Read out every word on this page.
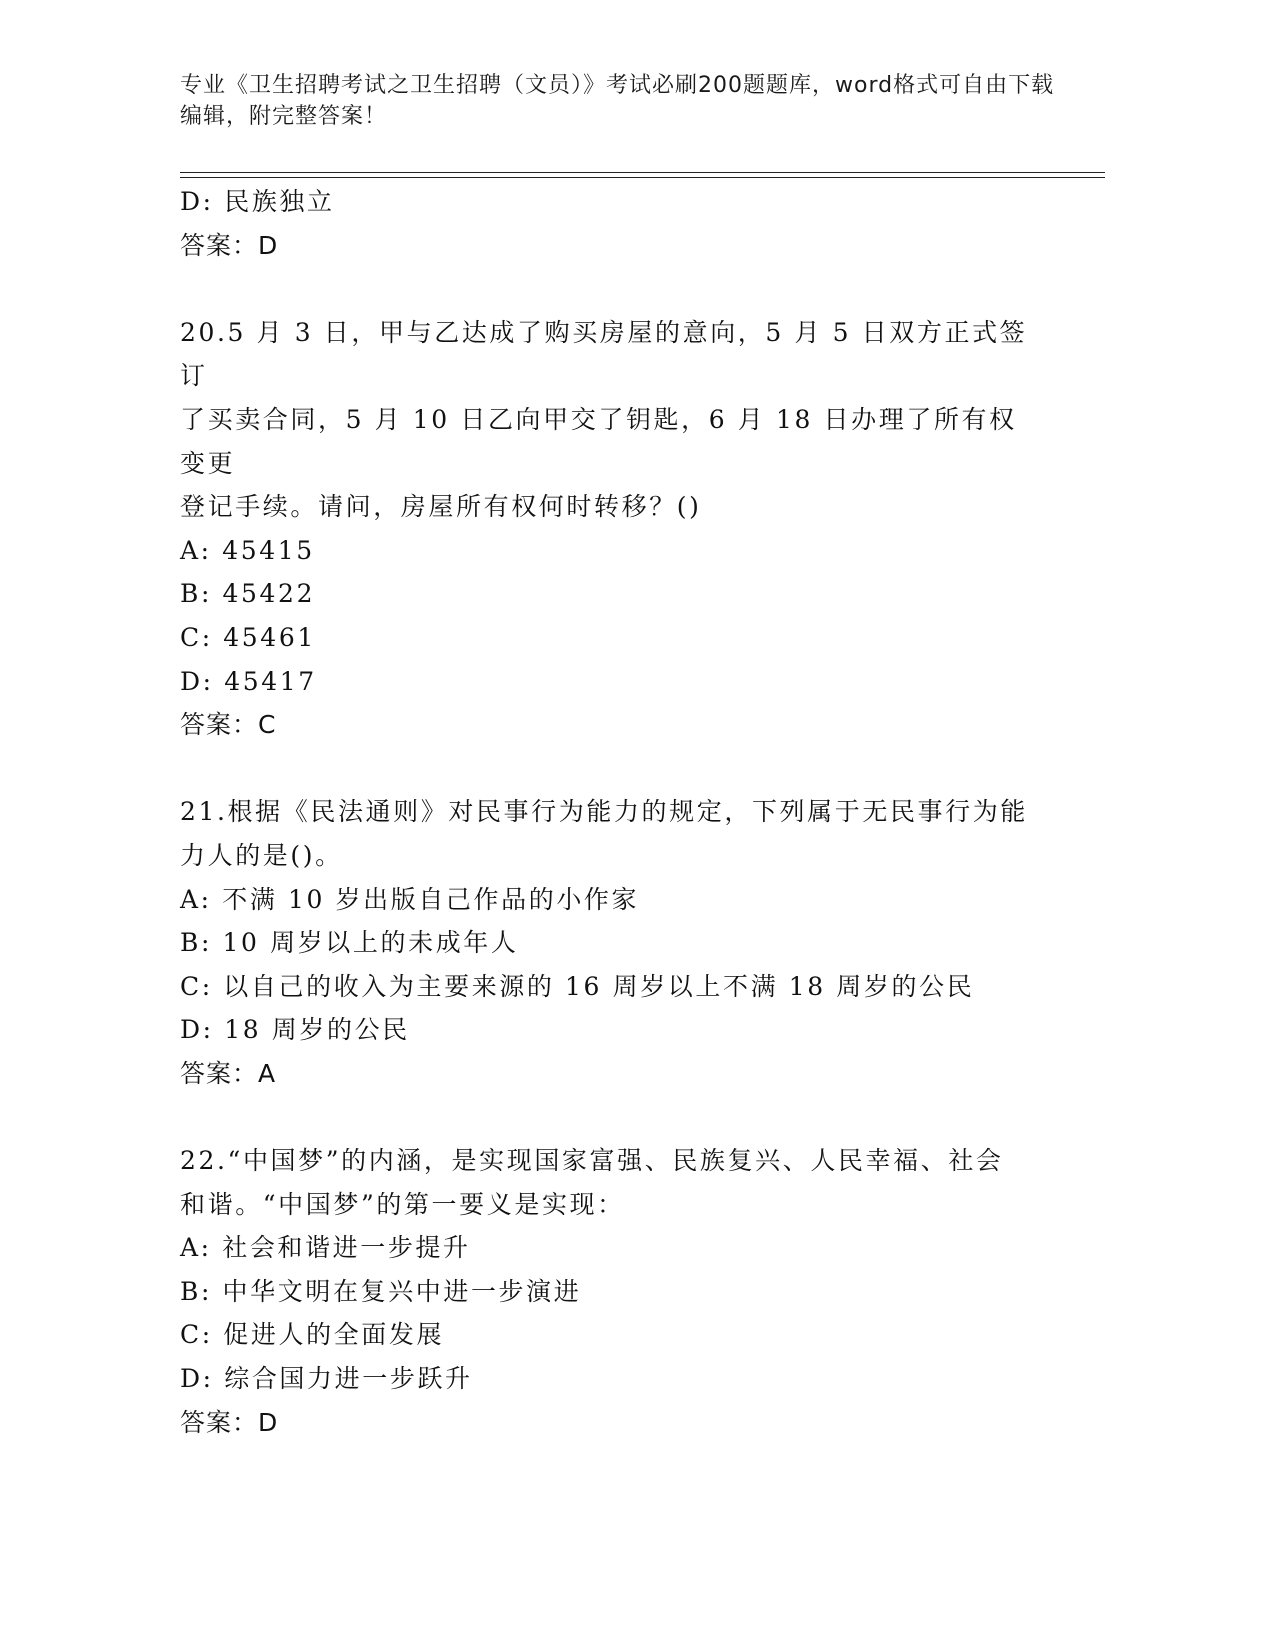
专业《卫生招聘考试之卫生招聘（文员）》考试必刷200题题库，word格式可自由下载编辑，附完整答案！
D: 民族独立
答案：D
20.5 月 3 日，甲与乙达成了购买房屋的意向，5 月 5 日双方正式签订
了买卖合同，5 月 10 日乙向甲交了钥匙，6 月 18 日办理了所有权变更
登记手续。请问，房屋所有权何时转移？()
A: 45415
B: 45422
C: 45461
D: 45417
答案：C
21.根据《民法通则》对民事行为能力的规定，下列属于无民事行为能
力人的是()。
A: 不满 10 岁出版自己作品的小作家
B: 10 周岁以上的未成年人
C: 以自己的收入为主要来源的 16 周岁以上不满 18 周岁的公民
D: 18 周岁的公民
答案：A
22.“中国梦”的内涵，是实现国家富强、民族复兴、人民幸福、社会
和谐。“中国梦”的第一要义是实现：
A: 社会和谐进一步提升
B: 中华文明在复兴中进一步演进
C: 促进人的全面发展
D: 综合国力进一步跃升
答案：D
